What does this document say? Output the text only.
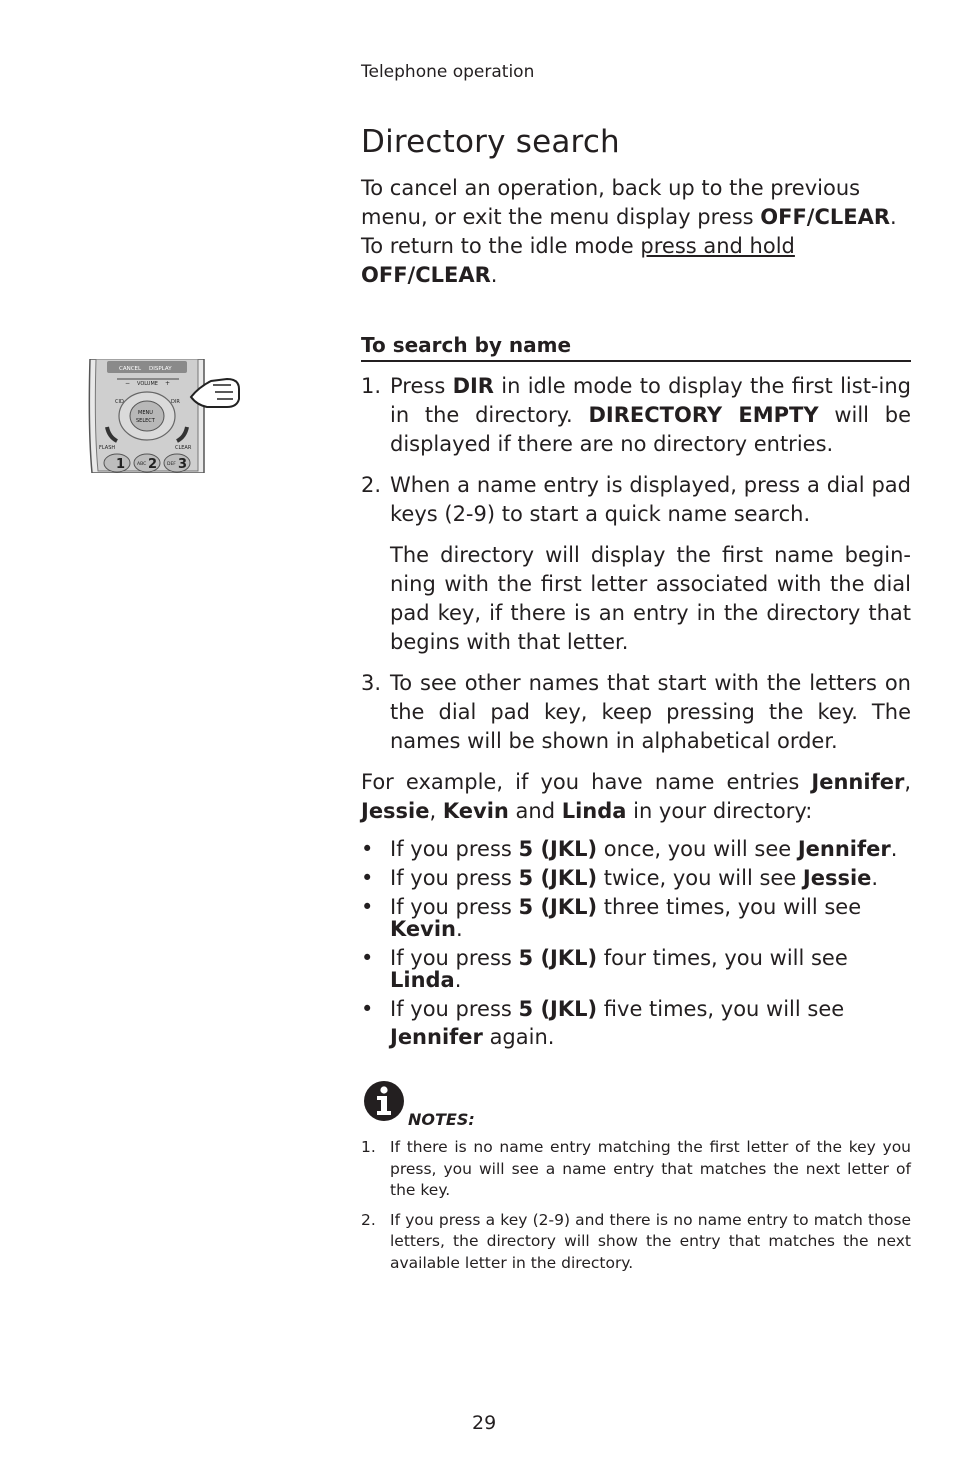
Telephone operation
Directory search

To cancel an operation, back up to the previous menu, or exit the menu display press OFF/CLEAR. To return to the idle mode press and hold OFF/CLEAR.

CANCEL DISPLAY
− VOLUME +
CID	DIR
MENU
SELECT
FLASH	CLEAR
1	ABC 2 DEF 3
To search by name
1. Press DIR in idle mode to display the first list-ing in the directory. DIRECTORY EMPTY will be displayed if there are no directory entries.

2. When a name entry is displayed, press a dial pad keys (2-9) to start a quick name search.

The directory will display the first name begin-ning with the first letter associated with the dial pad key, if there is an entry in the directory that begins with that letter.

3. To see other names that start with the letters on the dial pad key, keep pressing the key. The names will be shown in alphabetical order.

For example, if you have name entries Jennifer, Jessie, Kevin and Linda in your directory:

• If you press 5 (JKL) once, you will see Jennifer.
• If you press 5 (JKL) twice, you will see Jessie.
• If you press 5 (JKL) three times, you will see Kevin.
• If you press 5 (JKL) four times, you will see Linda.
• If you press 5 (JKL) five times, you will see Jennifer again.
NOTES:
1. If there is no name entry matching the first letter of the key you press, you will see a name entry that matches the next letter of the key.
2. If you press a key (2-9) and there is no name entry to match those letters, the directory will show the entry that matches the next available letter in the directory.
29
